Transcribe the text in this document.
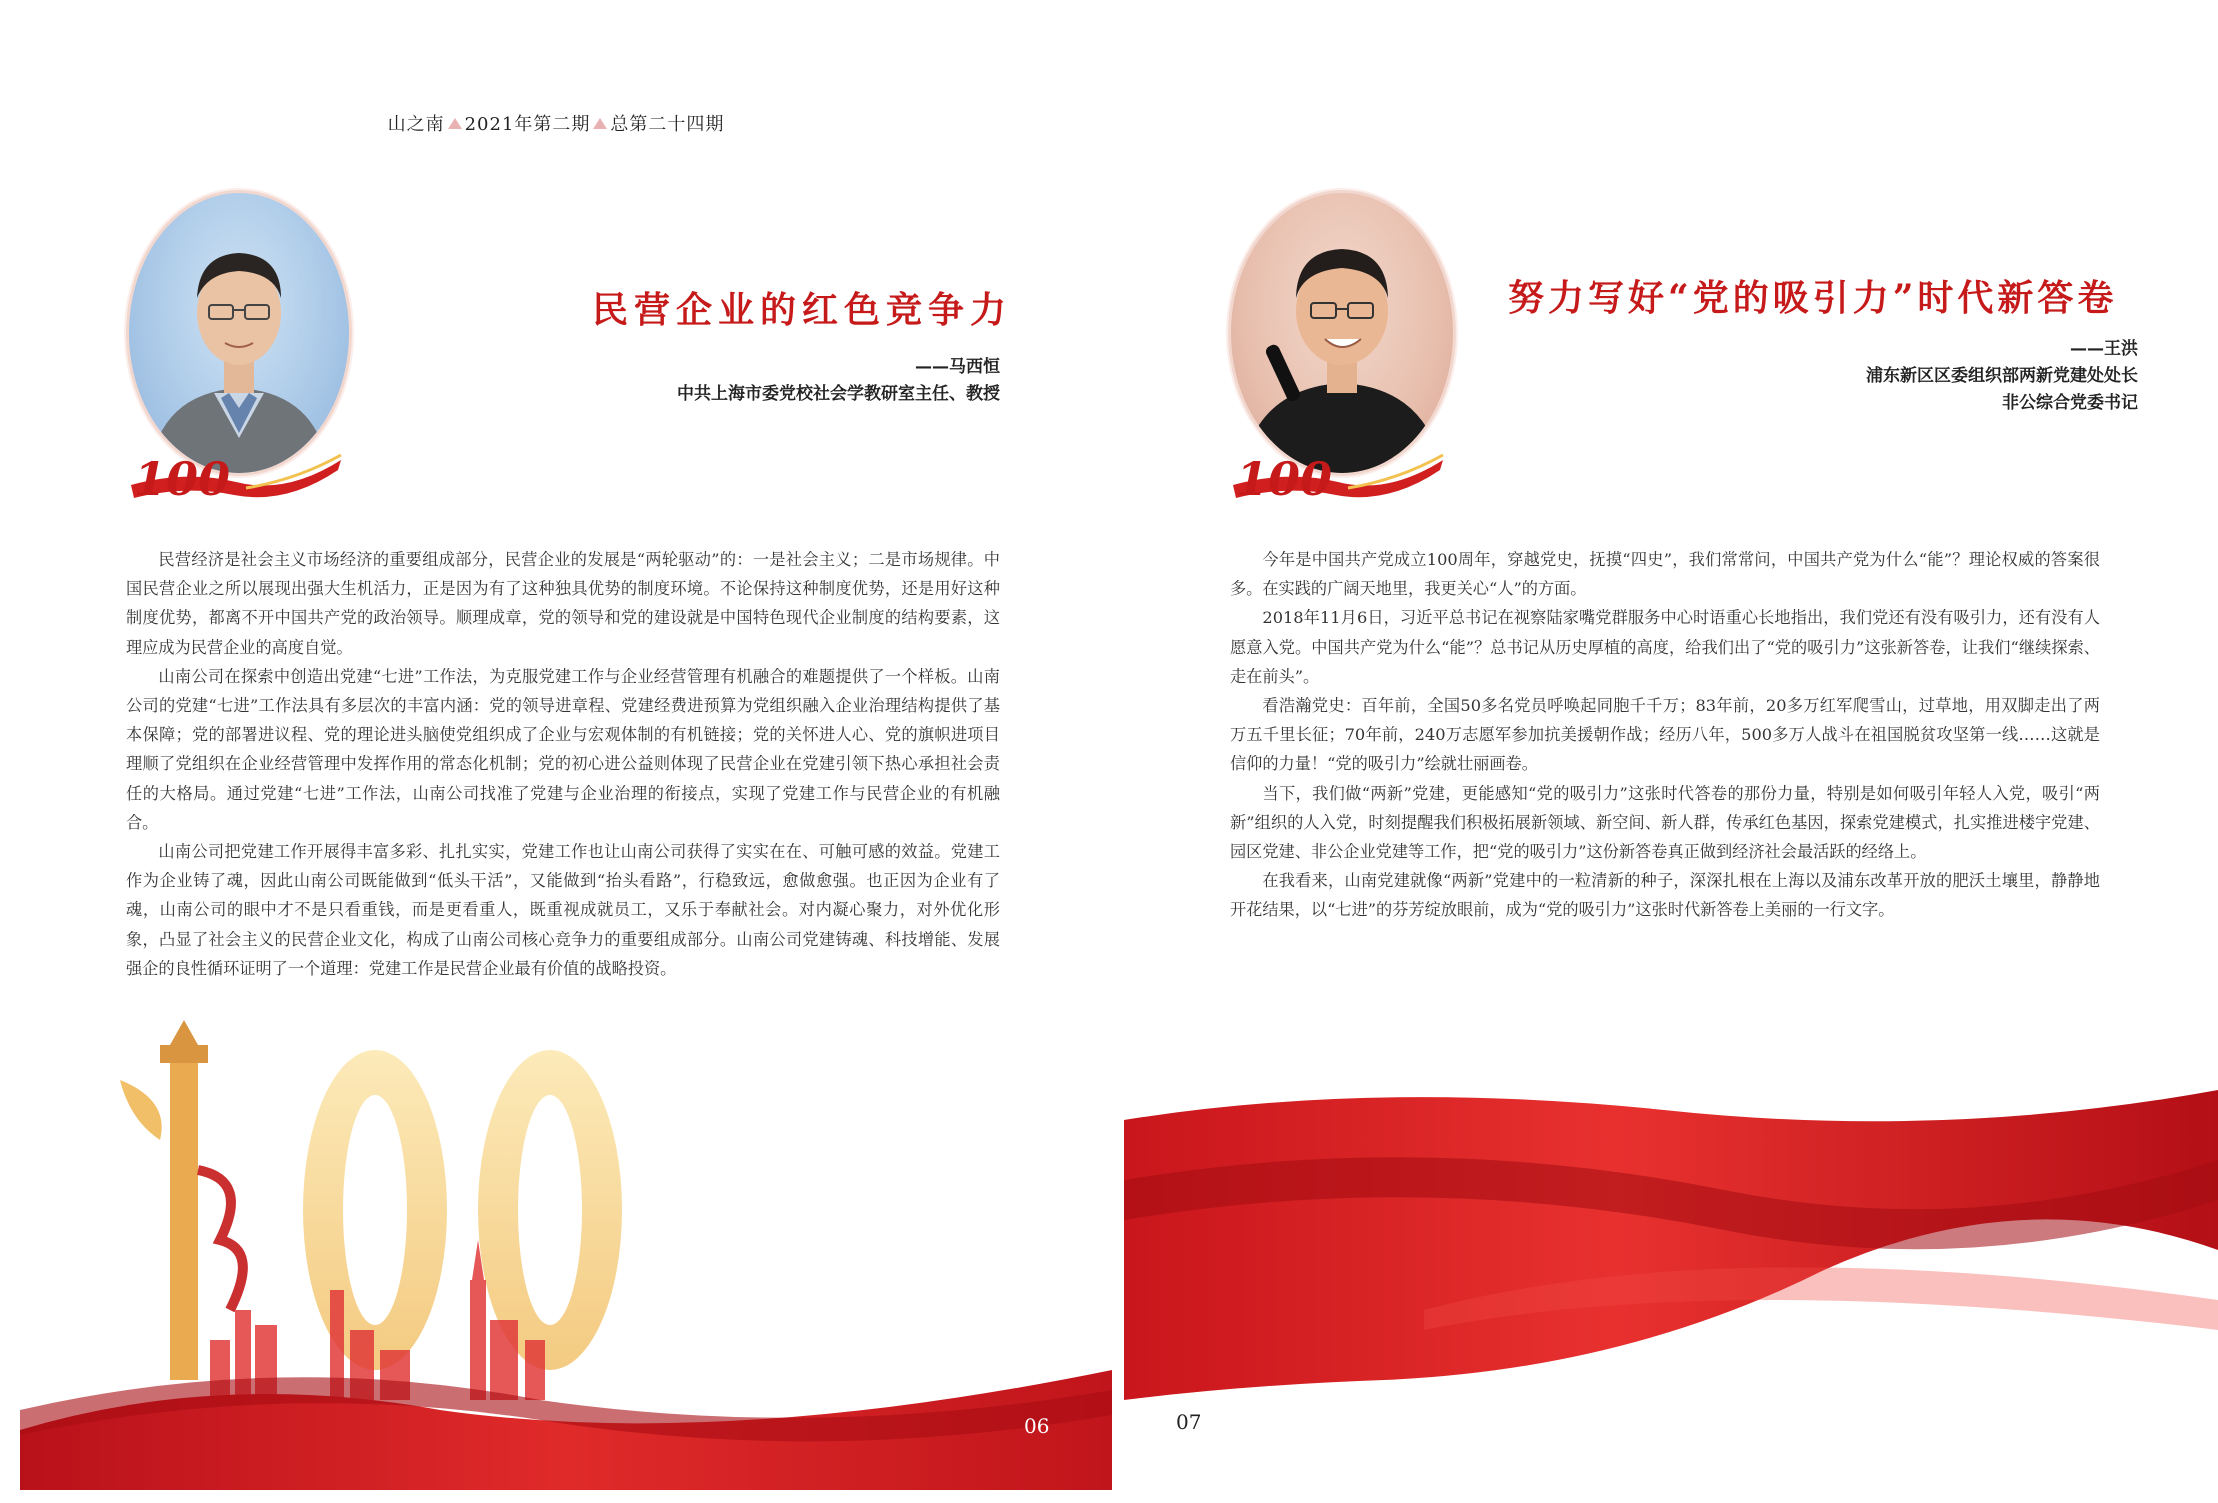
山之南 2021年第二期 总第二十四期
100
民营企业的红色竞争力
——马西恒
中共上海市委党校社会学教研室主任、教授

民营经济是社会主义市场经济的重要组成部分，民营企业的发展是“两轮驱动”的：一是社会主义；二是市场规律。中国民营企业之所以展现出强大生机活力，正是因为有了这种独具优势的制度环境。不论保持这种制度优势，还是用好这种制度优势，都离不开中国共产党的政治领导。顺理成章，党的领导和党的建设就是中国特色现代企业制度的结构要素，这理应成为民营企业的高度自觉。

山南公司在探索中创造出党建“七进”工作法，为克服党建工作与企业经营管理有机融合的难题提供了一个样板。山南公司的党建“七进”工作法具有多层次的丰富内涵：党的领导进章程、党建经费进预算为党组织融入企业治理结构提供了基本保障；党的部署进议程、党的理论进头脑使党组织成了企业与宏观体制的有机链接；党的关怀进人心、党的旗帜进项目理顺了党组织在企业经营管理中发挥作用的常态化机制；党的初心进公益则体现了民营企业在党建引领下热心承担社会责任的大格局。通过党建“七进”工作法，山南公司找准了党建与企业治理的衔接点，实现了党建工作与民营企业的有机融合。

山南公司把党建工作开展得丰富多彩、扎扎实实，党建工作也让山南公司获得了实实在在、可触可感的效益。党建工作为企业铸了魂，因此山南公司既能做到“低头干活”，又能做到“抬头看路”，行稳致远，愈做愈强。也正因为企业有了魂，山南公司的眼中才不是只看重钱，而是更看重人，既重视成就员工，又乐于奉献社会。对内凝心聚力，对外优化形象，凸显了社会主义的民营企业文化，构成了山南公司核心竞争力的重要组成部分。山南公司党建铸魂、科技增能、发展强企的良性循环证明了一个道理：党建工作是民营企业最有价值的战略投资。

06
100
努力写好“党的吸引力”时代新答卷
——王洪
浦东新区区委组织部两新党建处处长
非公综合党委书记

今年是中国共产党成立100周年，穿越党史，抚摸“四史”，我们常常问，中国共产党为什么“能”？理论权威的答案很多。在实践的广阔天地里，我更关心“人”的方面。

2018年11月6日，习近平总书记在视察陆家嘴党群服务中心时语重心长地指出，我们党还有没有吸引力，还有没有人愿意入党。中国共产党为什么“能”？总书记从历史厚植的高度，给我们出了“党的吸引力”这张新答卷，让我们“继续探索、走在前头”。

看浩瀚党史：百年前，全国50多名党员呼唤起同胞千千万；83年前，20多万红军爬雪山，过草地，用双脚走出了两万五千里长征；70年前，240万志愿军参加抗美援朝作战；经历八年，500多万人战斗在祖国脱贫攻坚第一线……这就是信仰的力量！“党的吸引力”绘就壮丽画卷。

当下，我们做“两新”党建，更能感知“党的吸引力”这张时代答卷的那份力量，特别是如何吸引年轻人入党，吸引“两新”组织的人入党，时刻提醒我们积极拓展新领域、新空间、新人群，传承红色基因，探索党建模式，扎实推进楼宇党建、园区党建、非公企业党建等工作，把“党的吸引力”这份新答卷真正做到经济社会最活跃的经络上。

在我看来，山南党建就像“两新”党建中的一粒清新的种子，深深扎根在上海以及浦东改革开放的肥沃土壤里，静静地开花结果，以“七进”的芬芳绽放眼前，成为“党的吸引力”这张时代新答卷上美丽的一行文字。

07
